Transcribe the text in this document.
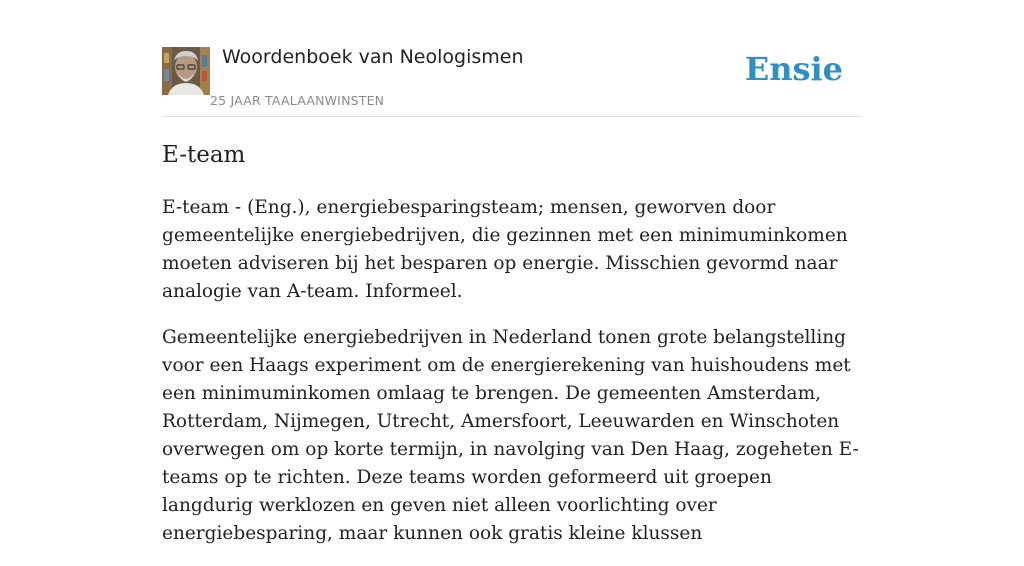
Woordenboek van Neologismen
25 JAAR TAALAANWINSTEN
Ensie
E-team

E-team - (Eng.), energiebesparingsteam; mensen, geworven door gemeentelijke energiebedrijven, die gezinnen met een minimuminkomen moeten adviseren bij het besparen op energie. Misschien gevormd naar analogie van A-team. Informeel.

Gemeentelijke energiebedrijven in Nederland tonen grote belangstelling voor een Haags experiment om de energierekening van huishoudens met een minimuminkomen omlaag te brengen. De gemeenten Amsterdam, Rotterdam, Nijmegen, Utrecht, Amersfoort, Leeuwarden en Winschoten overwegen om op korte termijn, in navolging van Den Haag, zogeheten E-teams op te richten. Deze teams worden geformeerd uit groepen langdurig werklozen en geven niet alleen voorlichting over energiebesparing, maar kunnen ook gratis kleine klussen
